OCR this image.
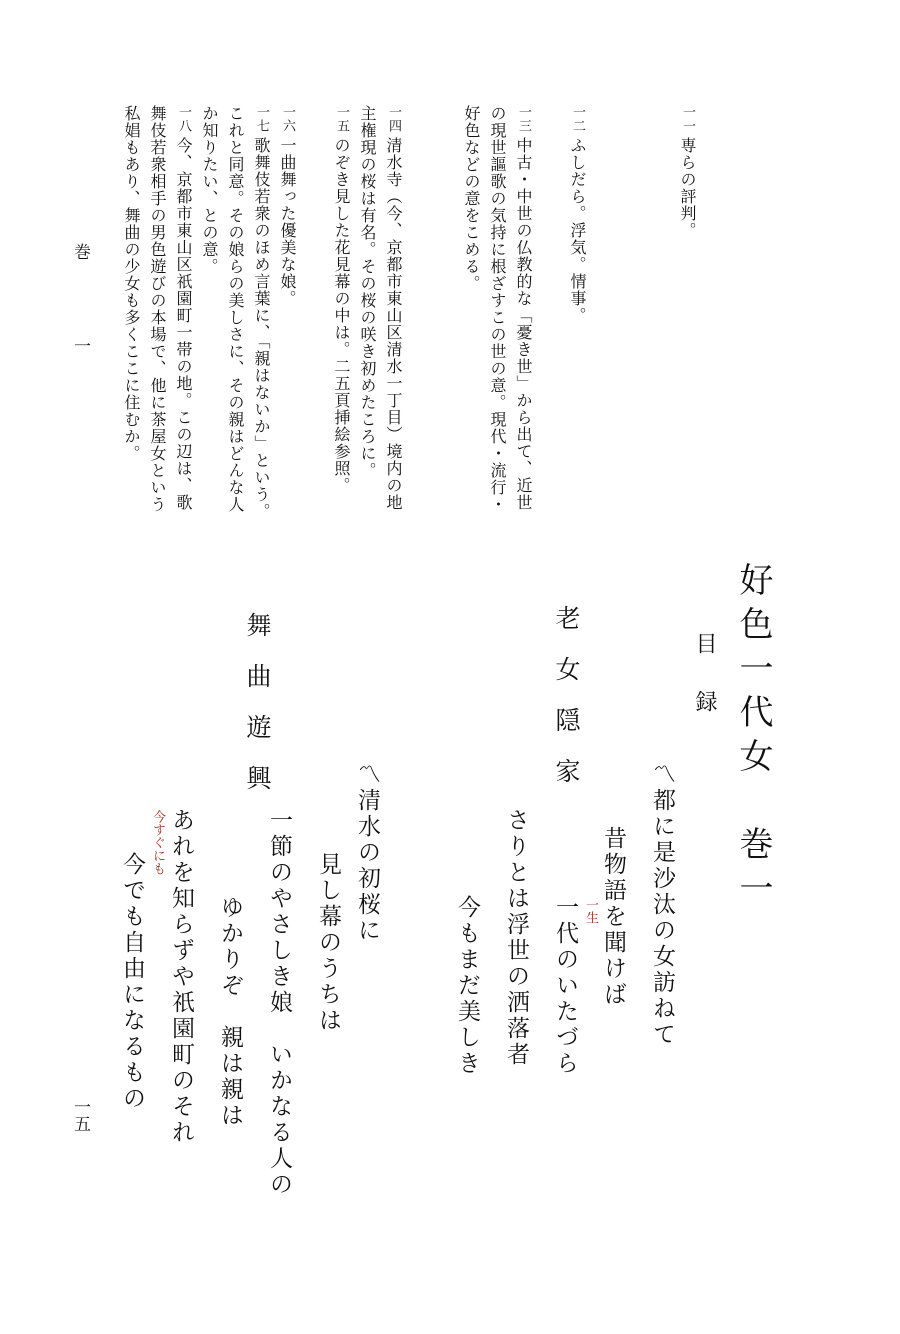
一一専らの評判。
一二ふしだら。浮気。情事。
一三中古・中世の仏教的な「憂き世」から出て、近世
の現世謳歌の気持に根ざすこの世の意。現代・流行・
好色などの意をこめる。
一四清水寺（今、京都市東山区清水一丁目）境内の地
主権現の桜は有名。その桜の咲き初めたころに。
一五のぞき見した花見幕の中は。二五頁挿絵参照。
一六一曲舞った優美な娘。
一七歌舞伎若衆のほめ言葉に、「親はないか」という。
これと同意。その娘らの美しさに、その親はどんな人
か知りたい、との意。
一八今、京都市東山区祇園町一帯の地。この辺は、歌
舞伎若衆相手の男色遊びの本場で、他に茶屋女という
私娼もあり、舞曲の少女も多くここに住むか。
好色一代女　巻一
目録
老女隠家
舞曲遊興
〽都に是沙汰の女訪ねて
昔物語を聞けば
一代のいたづら
さりとは浮世の洒落者
今もまだ美しき
〽清水の初桜に
見し幕のうちは
一節のやさしき娘　いかなる人の
ゆかりぞ　親は親は
あれを知らずや祇園町のそれ
今でも自由になるもの
今すぐにも
一生
巻　一
一五
